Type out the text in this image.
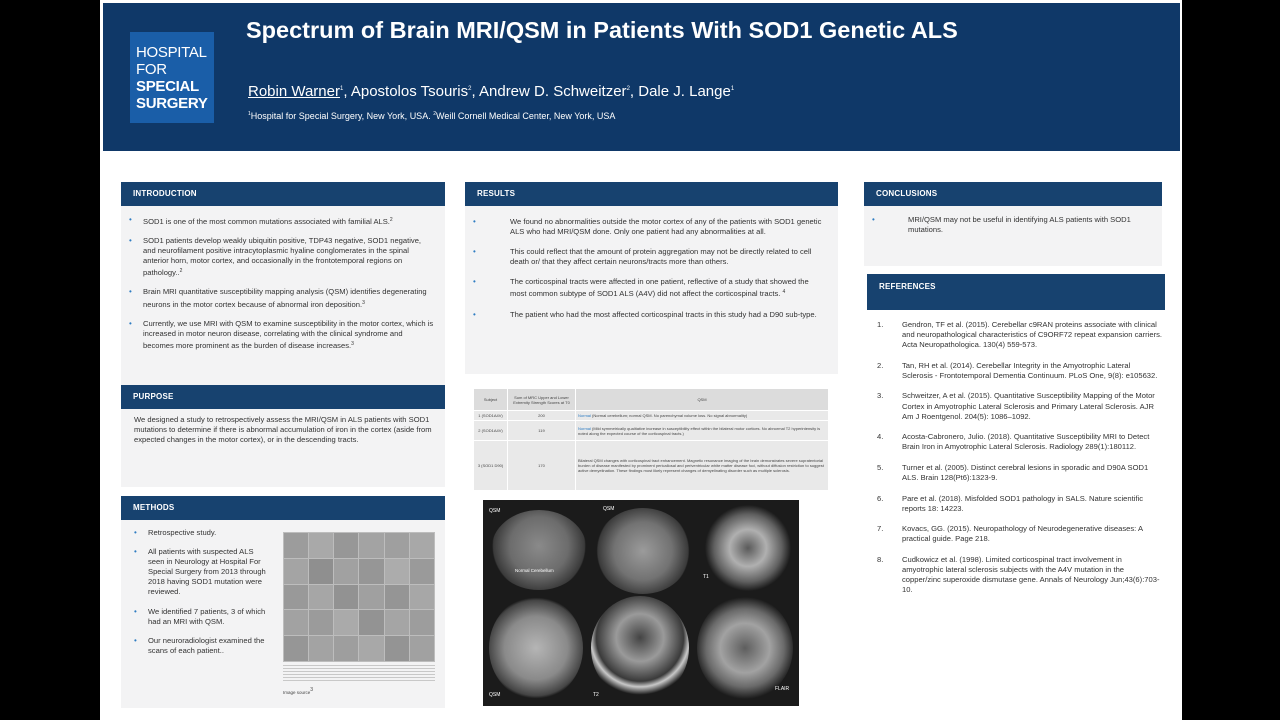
HOSPITAL
FOR
SPECIAL
SURGERY
Spectrum of Brain MRI/QSM in Patients With SOD1 Genetic ALS
Robin Warner$^1$, Apostolos Tsouris$^2$, Andrew D. Schweitzer$^2$, Dale J. Lange$^1$
$^1$Hospital for Special Surgery, New York, USA. $^2$Weill Cornell Medical Center, New York, USA
INTRODUCTION
• SOD1 is one of the most common mutations associated with familial ALS.$^2$
• SOD1 patients develop weakly ubiquitin positive, TDP43 negative, SOD1 negative, and neurofilament positive intracytoplasmic hyaline conglomerates in the spinal anterior horn, motor cortex, and occasionally in the frontotemporal regions on pathology..$^2$
• Brain MRI quantitative susceptibility mapping analysis (QSM) identifies degenerating neurons in the motor cortex because of abnormal iron deposition.$^3$
• Currently, we use MRI with QSM to examine susceptibility in the motor cortex, which is increased in motor neuron disease, correlating with the clinical syndrome and becomes more prominent as the burden of disease increases.$^3$
PURPOSE
We designed a study to retrospectively assess the MRI/QSM in ALS patients with SOD1 mutations to determine if there is abnormal accumulation of iron in the cortex (aside from expected changes in the motor cortex), or in the descending tracts.
METHODS
• Retrospective study.
• All patients with suspected ALS seen in Neurology at Hospital For Special Surgery from 2013 through 2018 having SOD1 mutation were reviewed.
• We identified 7 patients, 3 of which had an MRI with QSM.
• Our neuroradiologist examined the scans of each patient..
Image source$^3$
RESULTS
• We found no abnormalities outside the motor cortex of any of the patients with SOD1 genetic ALS who had MRI/QSM done. Only one patient had any abnormalities at all.
• This could reflect that the amount of protein aggregation may not be directly related to cell death or/ that they affect certain neurons/tracts more than others.
• The corticospinal tracts were affected in one patient, reflective of a study that showed the most common subtype of SOD1 ALS (A4V) did not affect the corticospinal tracts. $^4$
• The patient who had the most affected corticospinal tracts in this study had a D90 sub-type.
Subject	Sum of MRC Upper and Lower Extremity Strength Scores at T0	QSM
1 (SOD1A4V)	200	Normal (Normal cerebellum; normal QSM. No parenchymal volume loss. No signal abnormality)
2 (SOD1A4V)	119	Normal (Mild symmetrically qualitative increase in susceptibility effect within the bilateral motor cortices. No abnormal T2 hyperintensity is noted along the expected course of the corticospinal tracts.)
3 (SOD1 D90)	170	Bilateral QSM changes with corticospinal tract enhancement. Magnetic resonance imaging of the brain demonstrates severe supratentorial burden of disease manifested by prominent pericallosal and periventricular white matter disease foci, without diffusion restriction to suggest active demyelination. These findings most likely represent changes of demyelinating disorder such as multiple sclerosis.
QSM	QSM
T1
QSM	T2
FLAIR
Normal Cerebellum
CONCLUSIONS
• MRI/QSM may not be useful in identifying ALS patients with SOD1 mutations.
REFERENCES
1. Gendron, TF et al. (2015). Cerebellar c9RAN proteins associate with clinical and neuropathological characteristics of C9ORF72 repeat expansion carriers. Acta Neuropathologica. 130(4) 559-573.
2. Tan, RH et al. (2014). Cerebellar Integrity in the Amyotrophic Lateral Sclerosis - Frontotemporal Dementia Continuum. PLoS One, 9(8): e105632.
3. Schweitzer, A et al. (2015). Quantitative Susceptibility Mapping of the Motor Cortex in Amyotrophic Lateral Sclerosis and Primary Lateral Sclerosis. AJR Am J Roentgenol. 204(5): 1086–1092.
4. Acosta-Cabronero, Julio. (2018). Quantitative Susceptibility MRI to Detect Brain Iron in Amyotrophic Lateral Sclerosis. Radiology 289(1):180112.
5. Turner et al. (2005). Distinct cerebral lesions in sporadic and D90A SOD1 ALS. Brain 128(Pt6):1323-9.
6. Pare et al. (2018). Misfolded SOD1 pathology in SALS. Nature scientific reports 18: 14223.
7. Kovacs, GG. (2015). Neuropathology of Neurodegenerative diseases: A practical guide. Page 218.
8. Cudkowicz et al. (1998). Limited corticospinal tract involvement in amyotrophic lateral sclerosis subjects with the A4V mutation in the copper/zinc superoxide dismutase gene. Annals of Neurology Jun;43(6):703-10.
